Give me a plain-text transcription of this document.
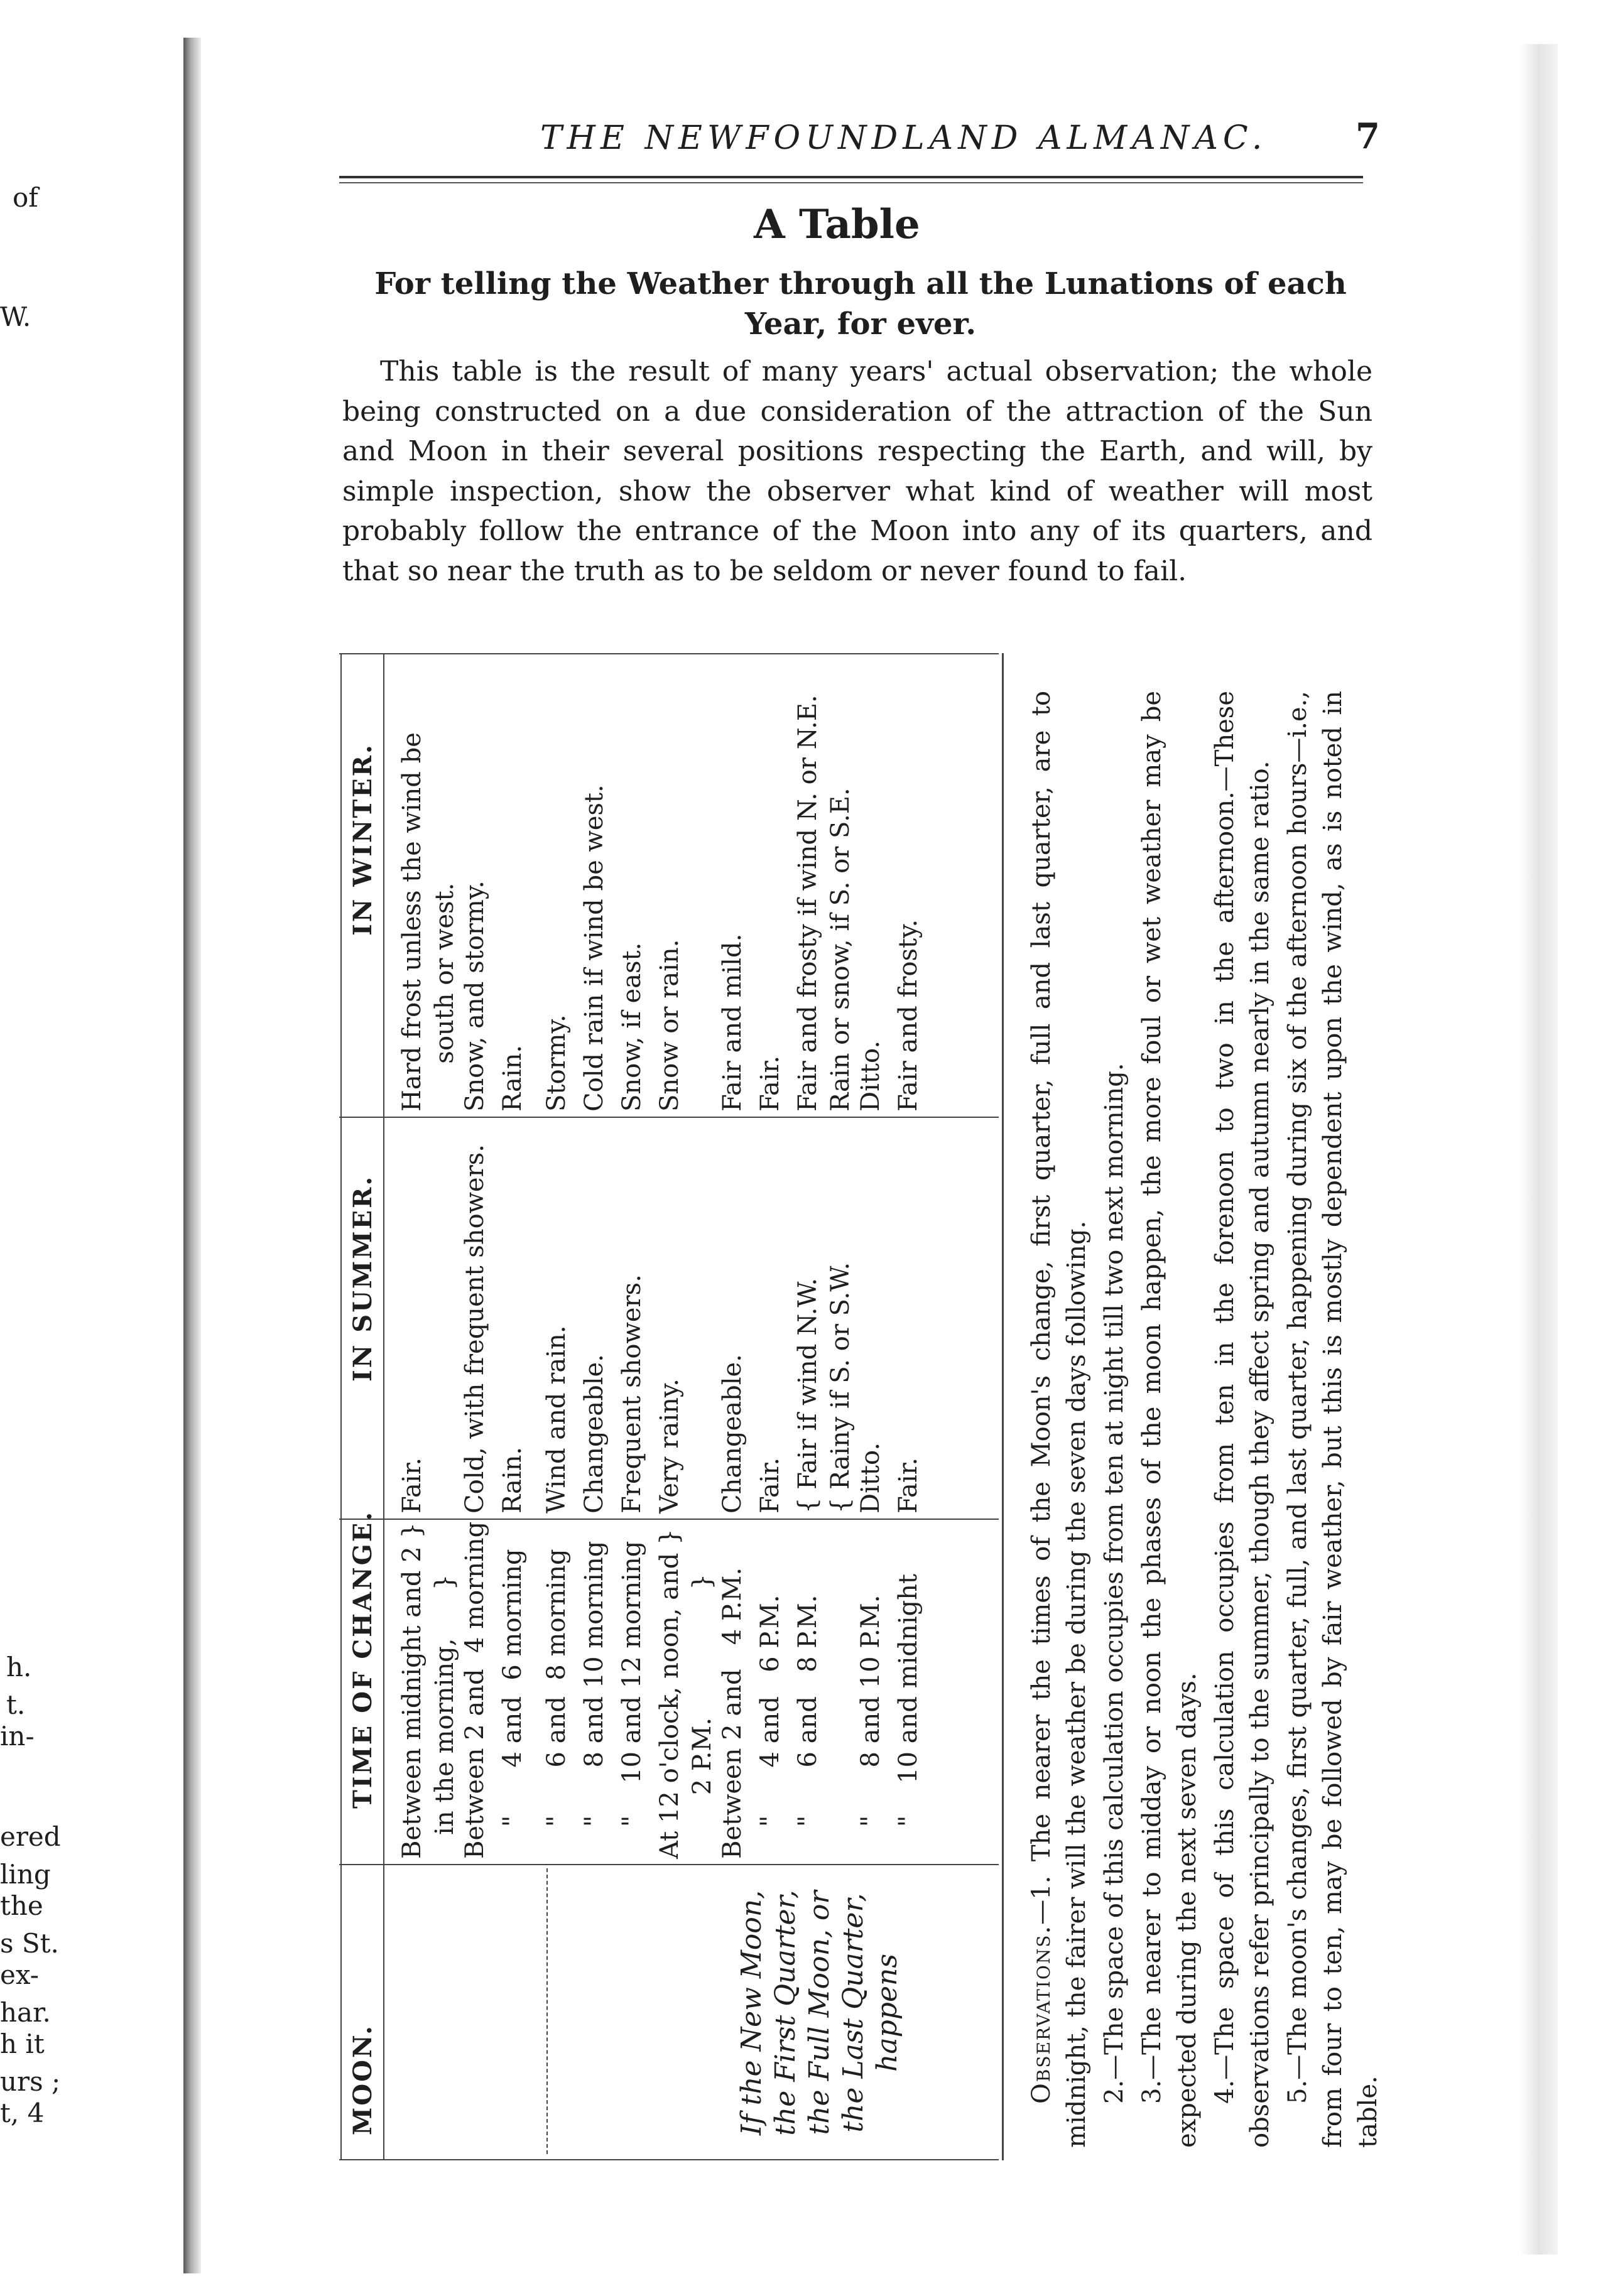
of
W.
h.
t.
in-
ered
ling
the
s St.
ex-
har.
h it
urs ;
t, 4
THE NEWFOUNDLAND ALMANAC.	7
A Table
For telling the Weather through all the Lunations of each Year, for ever.
This table is the result of many years' actual observation; the whole being constructed on a due consideration of the attraction of the Sun and Moon in their several positions respecting the Earth, and will, by simple inspection, show the observer what kind of weather will most probably follow the entrance of the Moon into any of its quarters, and that so near the truth as to be seldom or never found to fail.
MOON.
TIME OF CHANGE.
IN SUMMER.
IN WINTER.
If the New Moon, the First Quarter, the Full Moon, or the Last Quarter, happens
Between midnight and 2 }
in the morning,      }
Fair.
Hard frost unless the wind be
south or west.
Between 2 and  4 morning
Cold, with frequent showers.
Snow, and stormy.
"      4 and  6 morning
Rain.
Rain.
"      6 and  8 morning
Wind and rain.
Stormy.
"      8 and 10 morning
Changeable.
Cold rain if wind be west.
"    10 and 12 morning
Frequent showers.
Snow, if east.
At 12 o'clock, noon, and }
2 P.M.                }
Very rainy.
Snow or rain.
Between 2 and   4 P.M.
Changeable.
Fair and mild.
"      4 and   6 P.M.
Fair.
Fair.
"      6 and   8 P.M.
{ Fair if wind N.W.
{ Rainy if S. or S.W.
Fair and frosty if wind N. or N.E.
Rain or snow, if S. or S.E.
"      8 and 10 P.M.
Ditto.
Ditto.
"    10 and midnight
Fair.
Fair and frosty.

Observations.—1. The nearer the times of the Moon's change, first quarter, full and last quarter, are to midnight, the fairer will the weather be during the seven days following. 2.—The space of this calculation occupies from ten at night till two next morning. 3.—The nearer to midday or noon the phases of the moon happen, the more foul or wet weather may be expected during the next seven days. 4.—The space of this calculation occupies from ten in the forenoon to two in the afternoon.—These observations refer principally to the summer, though they affect spring and autumn nearly in the same ratio. 5.—The moon's changes, first quarter, full, and last quarter, happening during six of the afternoon hours—i.e., from four to ten, may be followed by fair weather, but this is mostly dependent upon the wind, as is noted in table.
